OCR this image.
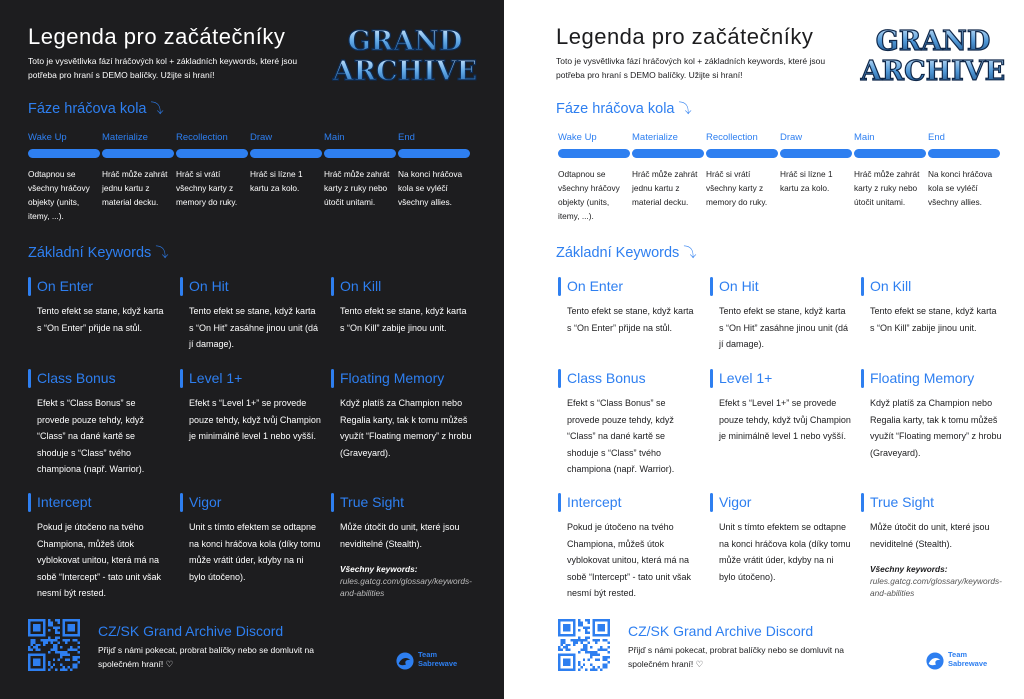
Legenda pro začátečníky
Toto je vysvětlivka fází hráčových kol + základních keywords, které jsou potřeba pro hraní s DEMO balíčky. Užijte si hraní!
GRAND
ARCHIVE
Fáze hráčova kola ⤵
Wake Up
Odtapnou se všechny hráčovy objekty (units, itemy, ...).
Materialize
Hráč může zahrát jednu kartu z material decku.
Recollection
Hráč si vrátí všechny karty z memory do ruky.
Draw
Hráč si lízne 1 kartu za kolo.
Main
Hráč může zahrát karty z ruky nebo útočit unitami.
End
Na konci hráčova kola se vyléčí všechny allies.
Základní Keywords ⤵
On Enter
Tento efekt se stane, když karta s “On Enter” přijde na stůl.
On Hit
Tento efekt se stane, když karta s “On Hit” zasáhne jinou unit (dá jí damage).
On Kill
Tento efekt se stane, když karta s “On Kill” zabije jinou unit.
Class Bonus
Efekt s “Class Bonus” se provede pouze tehdy, když “Class” na dané kartě se shoduje s “Class” tvého championa (např. Warrior).
Level 1+
Efekt s “Level 1+” se provede pouze tehdy, když tvůj Champion je minimálně level 1 nebo vyšší.
Floating Memory
Když platíš za Champion nebo Regalia karty, tak k tomu můžeš využít “Floating memory” z hrobu (Graveyard).
Intercept
Pokud je útočeno na tvého Championa, můžeš útok vyblokovat unitou, která má na sobě “Intercept” - tato unit však nesmí být rested.
Vigor
Unit s tímto efektem se odtapne na konci hráčova kola (díky tomu může vrátit úder, kdyby na ni bylo útočeno).
True Sight
Může útočit do unit, které jsou neviditelné (Stealth).
Všechny keywords:
rules.gatcg.com/glossary/keywords-and-abilities
CZ/SK Grand Archive Discord
Přijď s námi pokecat, probrat balíčky nebo se domluvit na společném hraní! ♡
Team
Sabrewave
Legenda pro začátečníky
Toto je vysvětlivka fází hráčových kol + základních keywords, které jsou potřeba pro hraní s DEMO balíčky. Užijte si hraní!
GRAND
ARCHIVE
Fáze hráčova kola ⤵
Wake Up
Odtapnou se všechny hráčovy objekty (units, itemy, ...).
Materialize
Hráč může zahrát jednu kartu z material decku.
Recollection
Hráč si vrátí všechny karty z memory do ruky.
Draw
Hráč si lízne 1 kartu za kolo.
Main
Hráč může zahrát karty z ruky nebo útočit unitami.
End
Na konci hráčova kola se vyléčí všechny allies.
Základní Keywords ⤵
On Enter
Tento efekt se stane, když karta s “On Enter” přijde na stůl.
On Hit
Tento efekt se stane, když karta s “On Hit” zasáhne jinou unit (dá jí damage).
On Kill
Tento efekt se stane, když karta s “On Kill” zabije jinou unit.
Class Bonus
Efekt s “Class Bonus” se provede pouze tehdy, když “Class” na dané kartě se shoduje s “Class” tvého championa (např. Warrior).
Level 1+
Efekt s “Level 1+” se provede pouze tehdy, když tvůj Champion je minimálně level 1 nebo vyšší.
Floating Memory
Když platíš za Champion nebo Regalia karty, tak k tomu můžeš využít “Floating memory” z hrobu (Graveyard).
Intercept
Pokud je útočeno na tvého Championa, můžeš útok vyblokovat unitou, která má na sobě “Intercept” - tato unit však nesmí být rested.
Vigor
Unit s tímto efektem se odtapne na konci hráčova kola (díky tomu může vrátit úder, kdyby na ni bylo útočeno).
True Sight
Může útočit do unit, které jsou neviditelné (Stealth).
Všechny keywords:
rules.gatcg.com/glossary/keywords-and-abilities
CZ/SK Grand Archive Discord
Přijď s námi pokecat, probrat balíčky nebo se domluvit na společném hraní! ♡
Team
Sabrewave
